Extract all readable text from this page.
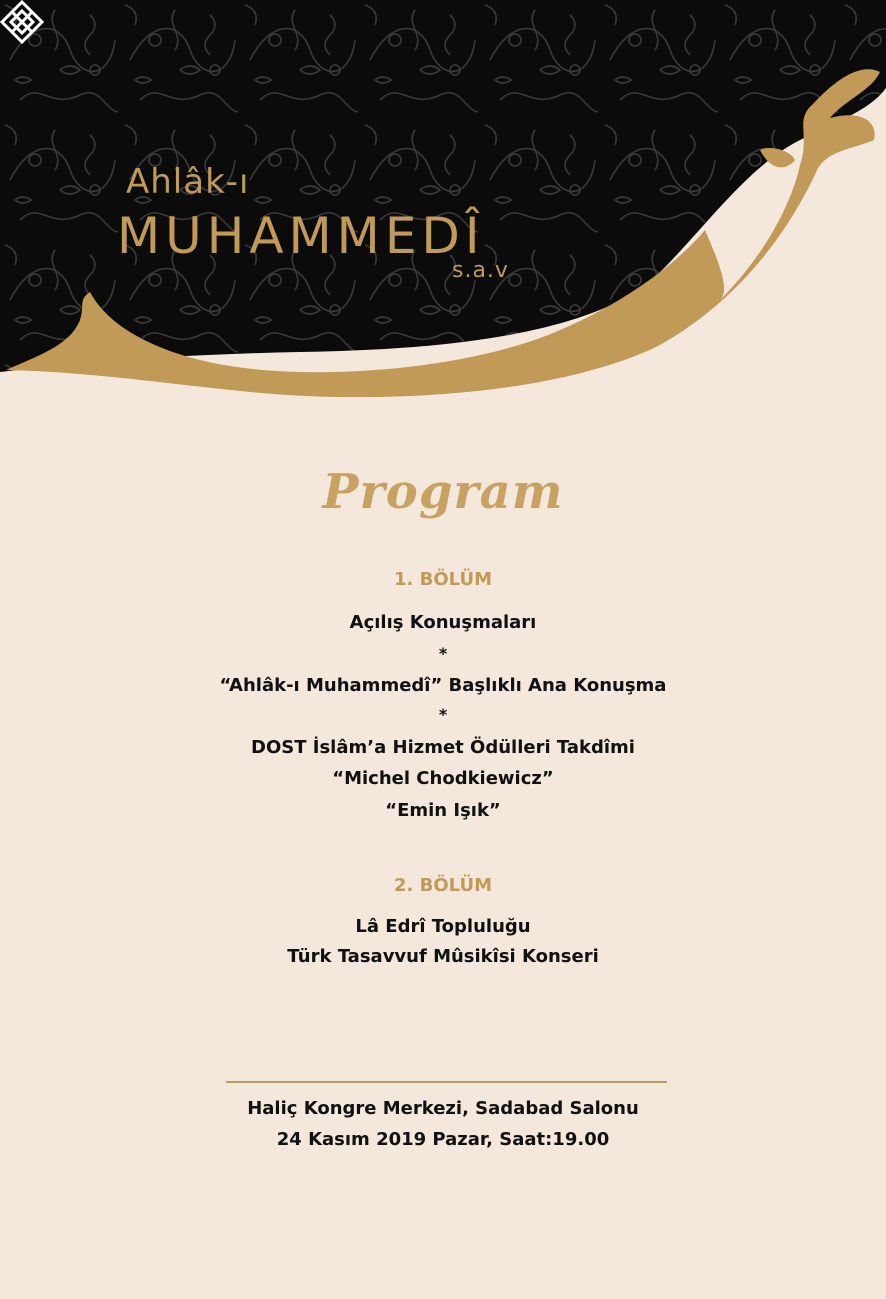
Ahlâk-ı

MUHAMMEDÎ

s.a.v

Program

1. BÖLÜM

Açılış Konuşmaları

*

“Ahlâk-ı Muhammedî” Başlıklı Ana Konuşma

*

DOST İslâm’a Hizmet Ödülleri Takdîmi

“Michel Chodkiewicz”

“Emin Işık”

2. BÖLÜM

Lâ Edrî Topluluğu

Türk Tasavvuf Mûsikîsi Konseri

Haliç Kongre Merkezi, Sadabad Salonu

24 Kasım 2019 Pazar, Saat:19.00
